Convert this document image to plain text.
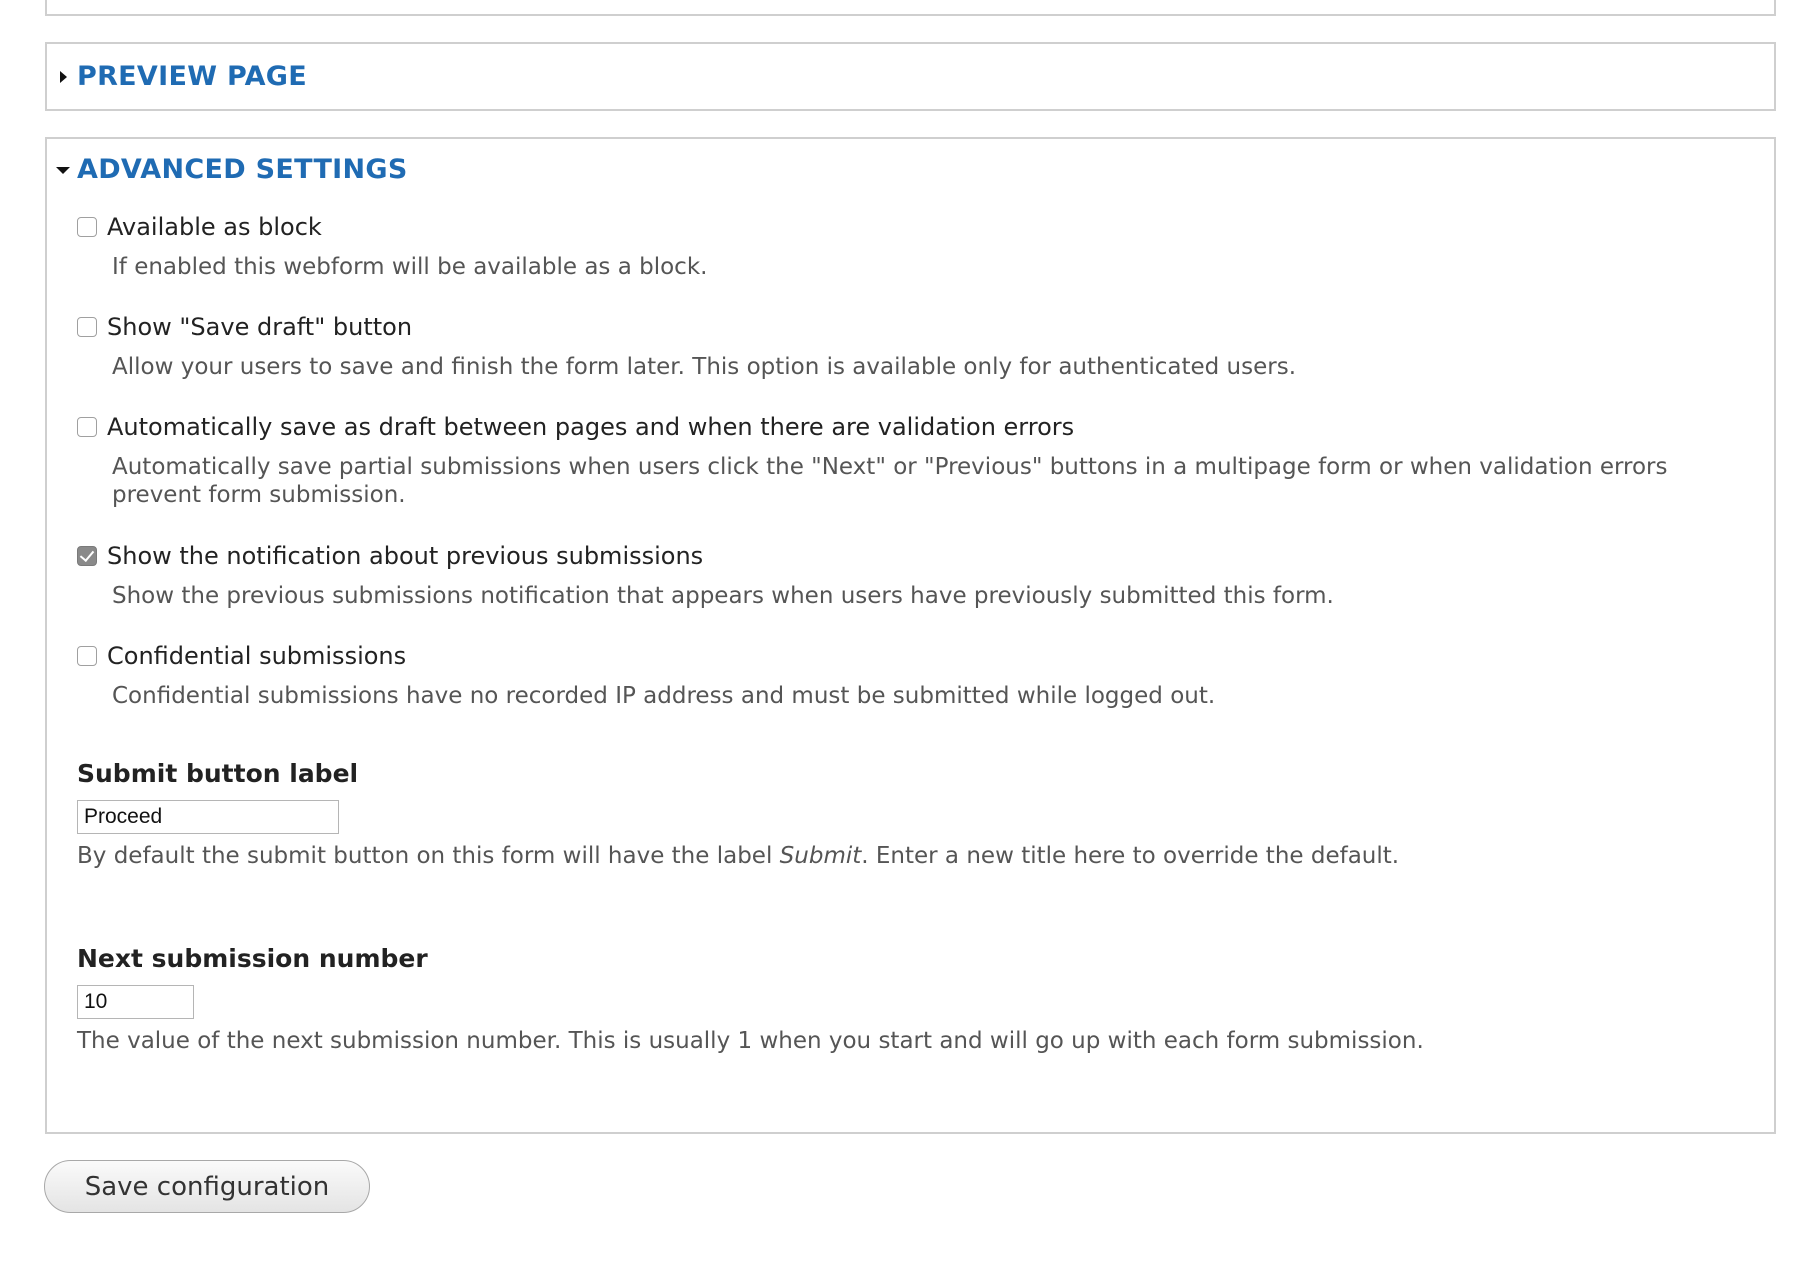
PREVIEW PAGE
ADVANCED SETTINGS
Available as block
If enabled this webform will be available as a block.
Show "Save draft" button
Allow your users to save and finish the form later. This option is available only for authenticated users.
Automatically save as draft between pages and when there are validation errors
Automatically save partial submissions when users click the "Next" or "Previous" buttons in a multipage form or when validation errors prevent form submission.
Show the notification about previous submissions
Show the previous submissions notification that appears when users have previously submitted this form.
Confidential submissions
Confidential submissions have no recorded IP address and must be submitted while logged out.
Submit button label
Proceed
By default the submit button on this form will have the label Submit. Enter a new title here to override the default.
Next submission number
10
The value of the next submission number. This is usually 1 when you start and will go up with each form submission.
Save configuration
